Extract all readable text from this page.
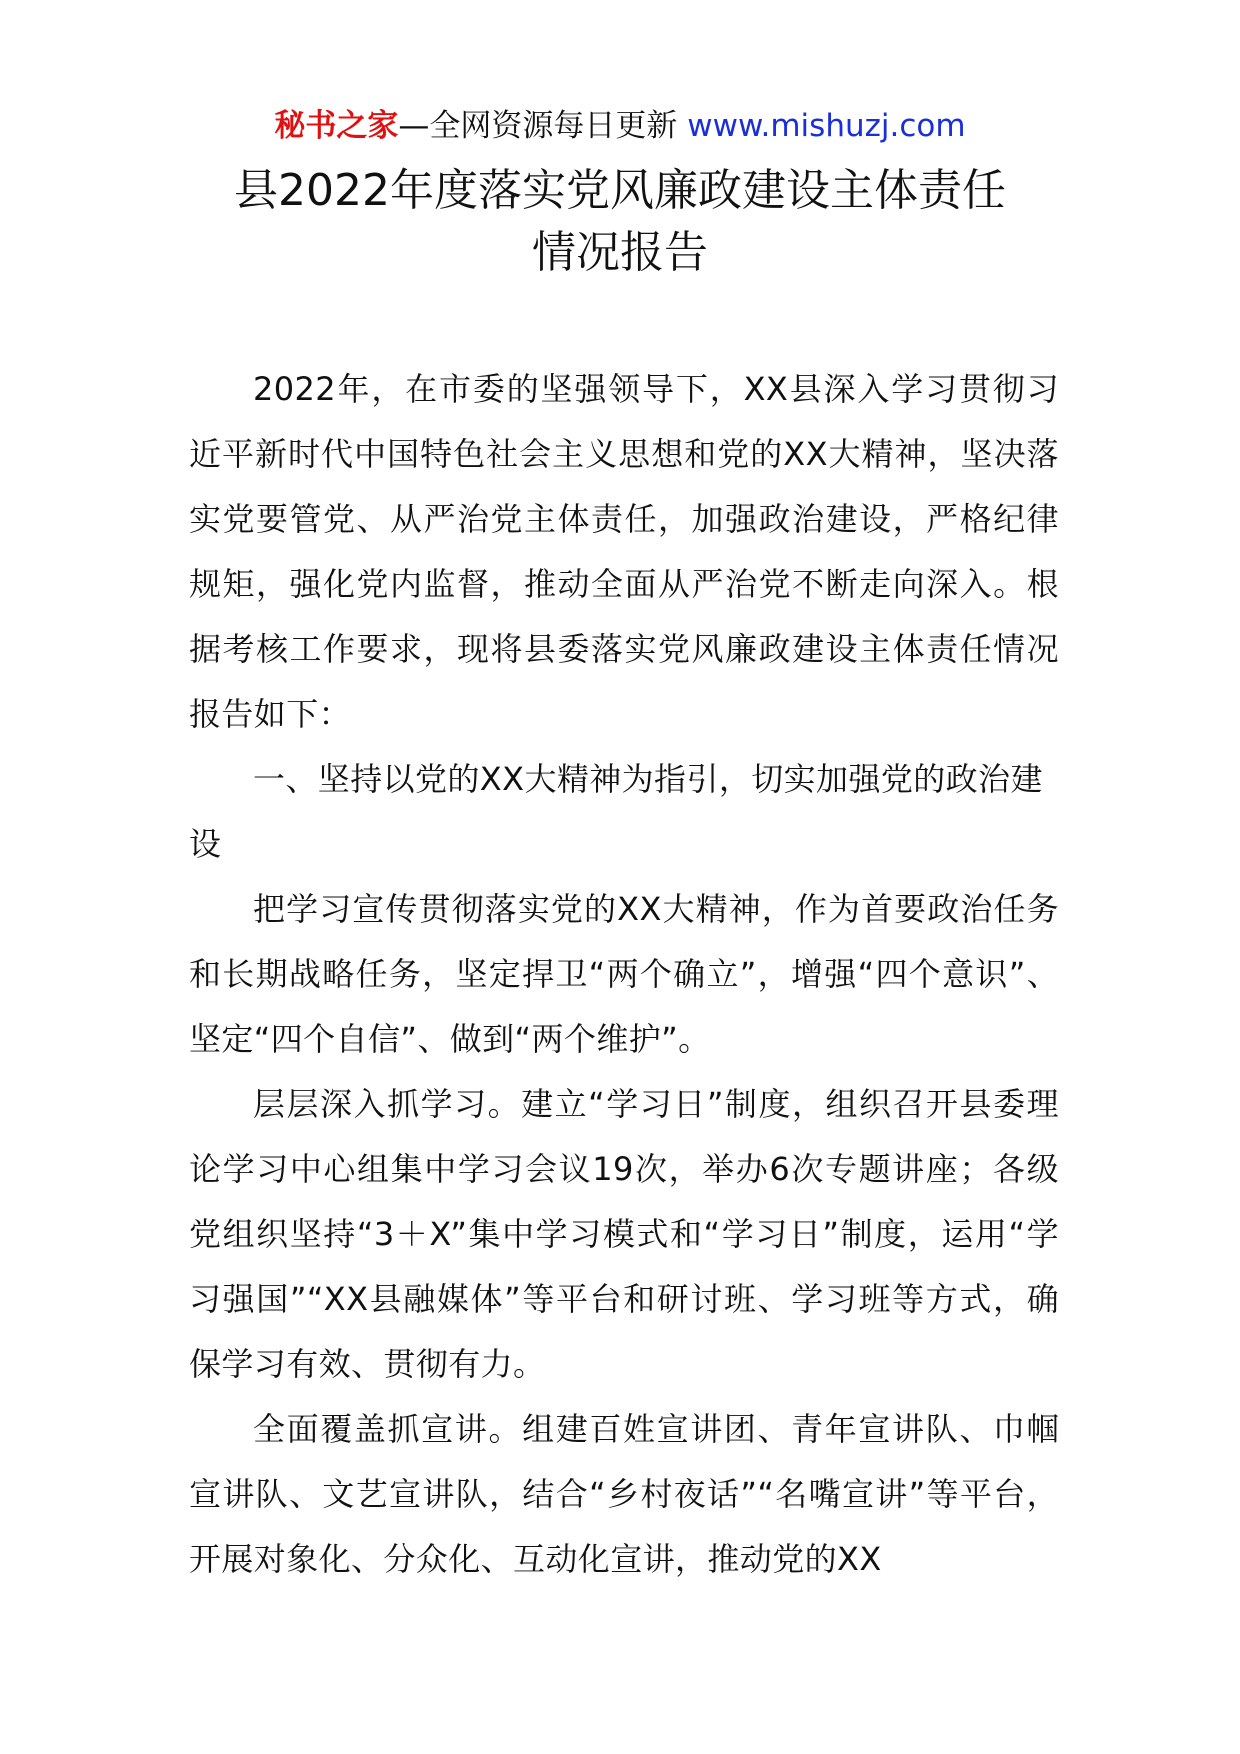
秘书之家—全网资源每日更新 www.mishuzj.com
县2022年度落实党风廉政建设主体责任
情况报告

2022年，在市委的坚强领导下，XX县深入学习贯彻习近平新时代中国特色社会主义思想和党的XX大精神，坚决落实党要管党、从严治党主体责任，加强政治建设，严格纪律规矩，强化党内监督，推动全面从严治党不断走向深入。根据考核工作要求，现将县委落实党风廉政建设主体责任情况报告如下：

一、坚持以党的XX大精神为指引，切实加强党的政治建设

把学习宣传贯彻落实党的XX大精神，作为首要政治任务和长期战略任务，坚定捍卫“两个确立”，增强“四个意识”、坚定“四个自信”、做到“两个维护”。

层层深入抓学习。建立“学习日”制度，组织召开县委理论学习中心组集中学习会议19次，举办6次专题讲座；各级党组织坚持“3＋X”集中学习模式和“学习日”制度，运用“学习强国”“XX县融媒体”等平台和研讨班、学习班等方式，确保学习有效、贯彻有力。

全面覆盖抓宣讲。组建百姓宣讲团、青年宣讲队、巾帼宣讲队、文艺宣讲队，结合“乡村夜话”“名嘴宣讲”等平台，开展对象化、分众化、互动化宣讲，推动党的XX
